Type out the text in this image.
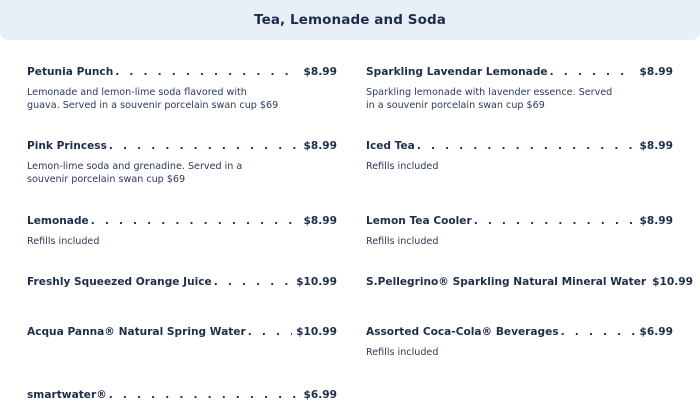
Tea, Lemonade and Soda
Petunia Punch . . .	$8.99
Lemonade and lemon-lime soda flavored with guava. Served in a souvenir porcelain swan cup $69
Sparkling Lavendar Lemonade . . .	$8.99
Sparkling lemonade with lavender essence. Served in a souvenir porcelain swan cup $69
Pink Princess . . .	$8.99
Lemon-lime soda and grenadine. Served in a souvenir porcelain swan cup $69
Iced Tea . . .	$8.99
Refills included
Lemonade . . .	$8.99
Refills included
Lemon Tea Cooler . . .	$8.99
Refills included
Freshly Squeezed Orange Juice . . .	$10.99	S.Pellegrino® Sparkling Natural Mineral Water $10.99
Acqua Panna® Natural Spring Water . . .	$10.99	Assorted Coca-Cola® Beverages . . .	$6.99
Refills included
smartwater® . . .	$6.99
